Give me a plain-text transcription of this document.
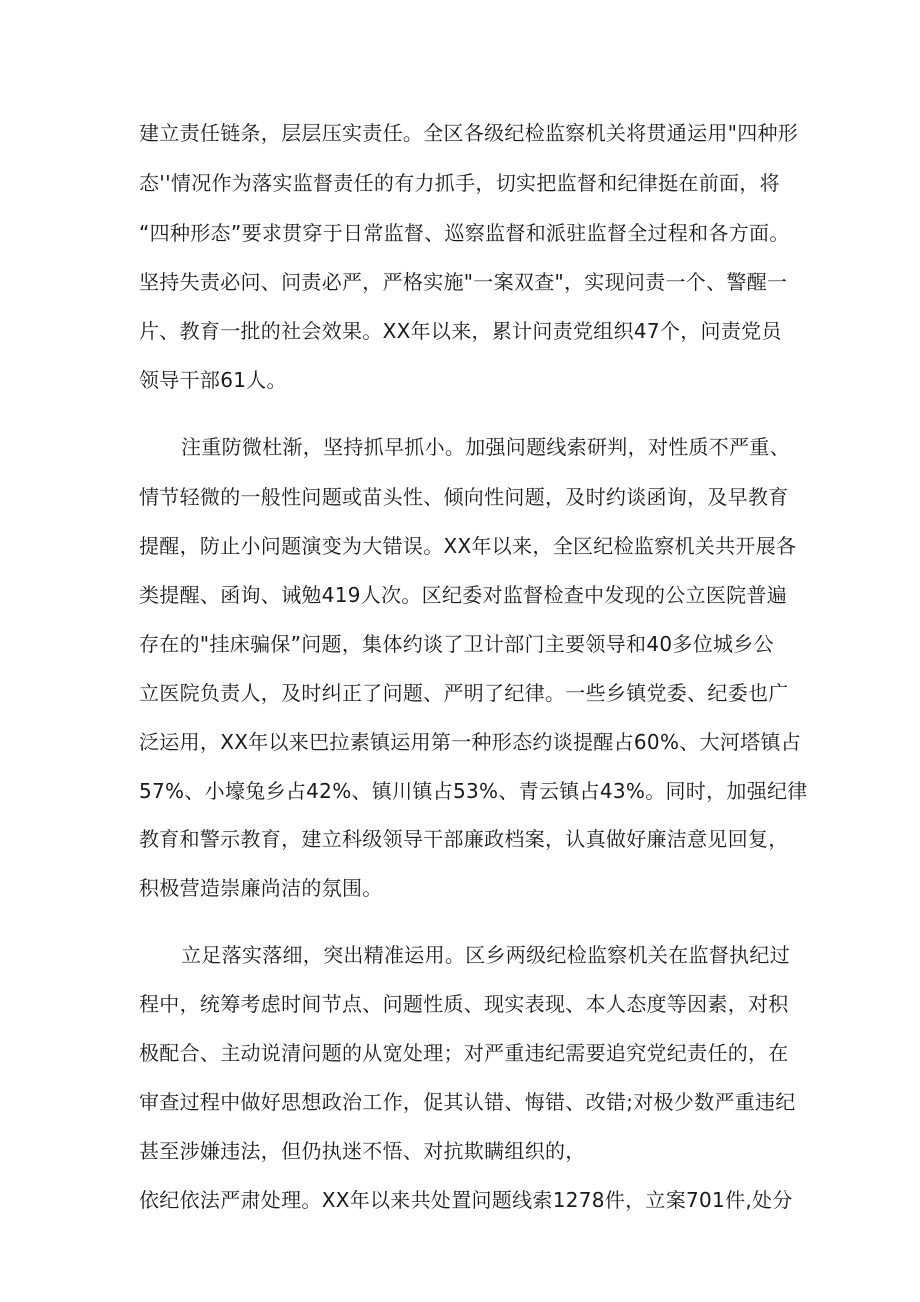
建立责任链条，层层压实责任。全区各级纪检监察机关将贯通运用"四种形
态''情况作为落实监督责任的有力抓手，切实把监督和纪律挺在前面，将
“四种形态”要求贯穿于日常监督、巡察监督和派驻监督全过程和各方面。
坚持失责必问、问责必严，严格实施"一案双查"，实现问责一个、警醒一
片、教育一批的社会效果。XX年以来，累计问责党组织47个，问责党员
领导干部61人。
注重防微杜渐，坚持抓早抓小。加强问题线索研判，对性质不严重、
情节轻微的一般性问题或苗头性、倾向性问题，及时约谈函询，及早教育
提醒，防止小问题演变为大错误。XX年以来，全区纪检监察机关共开展各
类提醒、函询、诫勉419人次。区纪委对监督检查中发现的公立医院普遍
存在的"挂床骗保”问题，集体约谈了卫计部门主要领导和40多位城乡公
立医院负责人，及时纠正了问题、严明了纪律。一些乡镇党委、纪委也广
泛运用，XX年以来巴拉素镇运用第一种形态约谈提醒占60%、大河塔镇占
57%、小壕兔乡占42%、镇川镇占53%、青云镇占43%。同时，加强纪律
教育和警示教育，建立科级领导干部廉政档案，认真做好廉洁意见回复，
积极营造崇廉尚洁的氛围。
立足落实落细，突出精准运用。区乡两级纪检监察机关在监督执纪过
程中，统筹考虑时间节点、问题性质、现实表现、本人态度等因素，对积
极配合、主动说清问题的从宽处理；对严重违纪需要追究党纪责任的，在
审查过程中做好思想政治工作，促其认错、悔错、改错;对极少数严重违纪
甚至涉嫌违法，但仍执迷不悟、对抗欺瞒组织的，
依纪依法严肃处理。XX年以来共处置问题线索1278件，立案701件,处分
